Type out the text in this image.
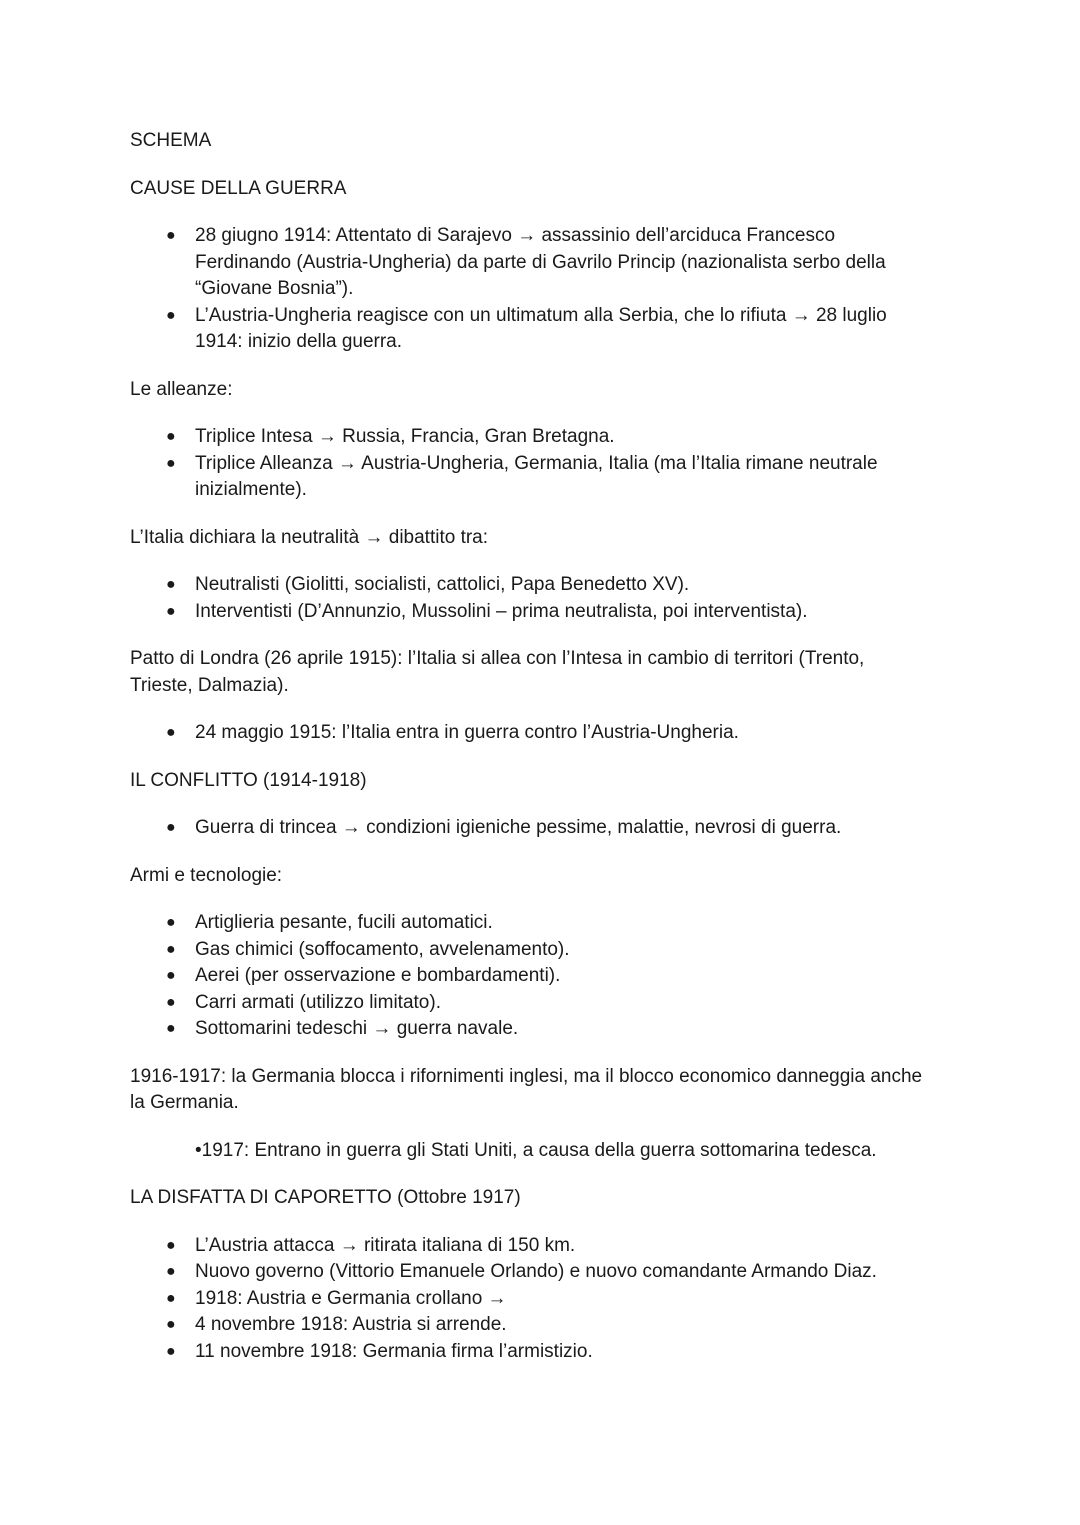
SCHEMA

CAUSE DELLA GUERRA

● 28 giugno 1914: Attentato di Sarajevo → assassinio dell’arciduca Francesco Ferdinando (Austria-Ungheria) da parte di Gavrilo Princip (nazionalista serbo della “Giovane Bosnia”).
● L’Austria-Ungheria reagisce con un ultimatum alla Serbia, che lo rifiuta → 28 luglio 1914: inizio della guerra.

Le alleanze:

● Triplice Intesa → Russia, Francia, Gran Bretagna.
● Triplice Alleanza → Austria-Ungheria, Germania, Italia (ma l’Italia rimane neutrale inizialmente).

L’Italia dichiara la neutralità → dibattito tra:

● Neutralisti (Giolitti, socialisti, cattolici, Papa Benedetto XV).
● Interventisti (D’Annunzio, Mussolini – prima neutralista, poi interventista).

Patto di Londra (26 aprile 1915): l’Italia si allea con l’Intesa in cambio di territori (Trento, Trieste, Dalmazia).

● 24 maggio 1915: l’Italia entra in guerra contro l’Austria-Ungheria.

IL CONFLITTO (1914-1918)

● Guerra di trincea → condizioni igieniche pessime, malattie, nevrosi di guerra.

Armi e tecnologie:

● Artiglieria pesante, fucili automatici.
● Gas chimici (soffocamento, avvelenamento).
● Aerei (per osservazione e bombardamenti).
● Carri armati (utilizzo limitato).
● Sottomarini tedeschi → guerra navale.

1916-1917: la Germania blocca i rifornimenti inglesi, ma il blocco economico danneggia anche la Germania.

•1917: Entrano in guerra gli Stati Uniti, a causa della guerra sottomarina tedesca.

LA DISFATTA DI CAPORETTO (Ottobre 1917)

● L’Austria attacca → ritirata italiana di 150 km.
● Nuovo governo (Vittorio Emanuele Orlando) e nuovo comandante Armando Diaz.
● 1918: Austria e Germania crollano →
● 4 novembre 1918: Austria si arrende.
● 11 novembre 1918: Germania firma l’armistizio.
